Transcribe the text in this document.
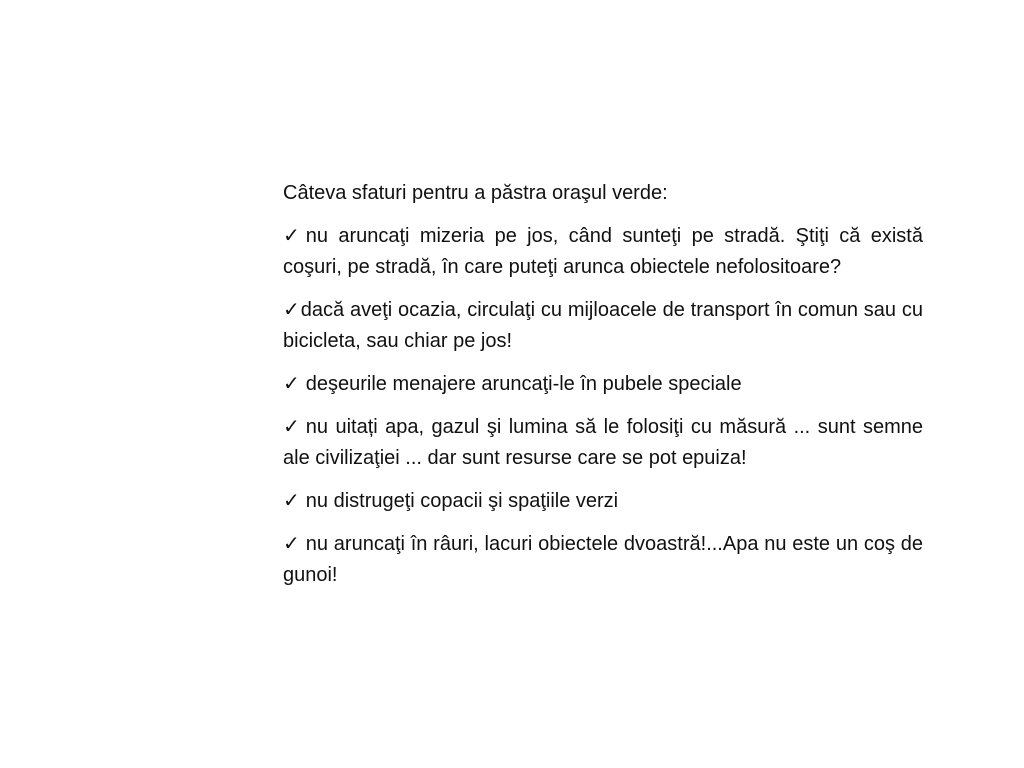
Câteva sfaturi pentru a păstra oraşul verde:

✓ nu aruncaţi mizeria pe jos, când sunteţi pe stradă. Ştiţi că există coşuri, pe stradă, în care puteţi arunca obiectele nefolositoare?

✓dacă aveţi ocazia, circulaţi cu mijloacele de transport în comun sau cu bicicleta, sau chiar pe jos!

✓ deşeurile menajere aruncaţi-le în pubele speciale

✓ nu uitați apa, gazul şi lumina să le folosiţi cu măsură ... sunt semne ale civilizaţiei ... dar sunt resurse care se pot epuiza!

✓ nu distrugeţi copacii şi spaţiile verzi

✓ nu aruncaţi în râuri, lacuri obiectele dvoastră!...Apa nu este un coş de gunoi!
